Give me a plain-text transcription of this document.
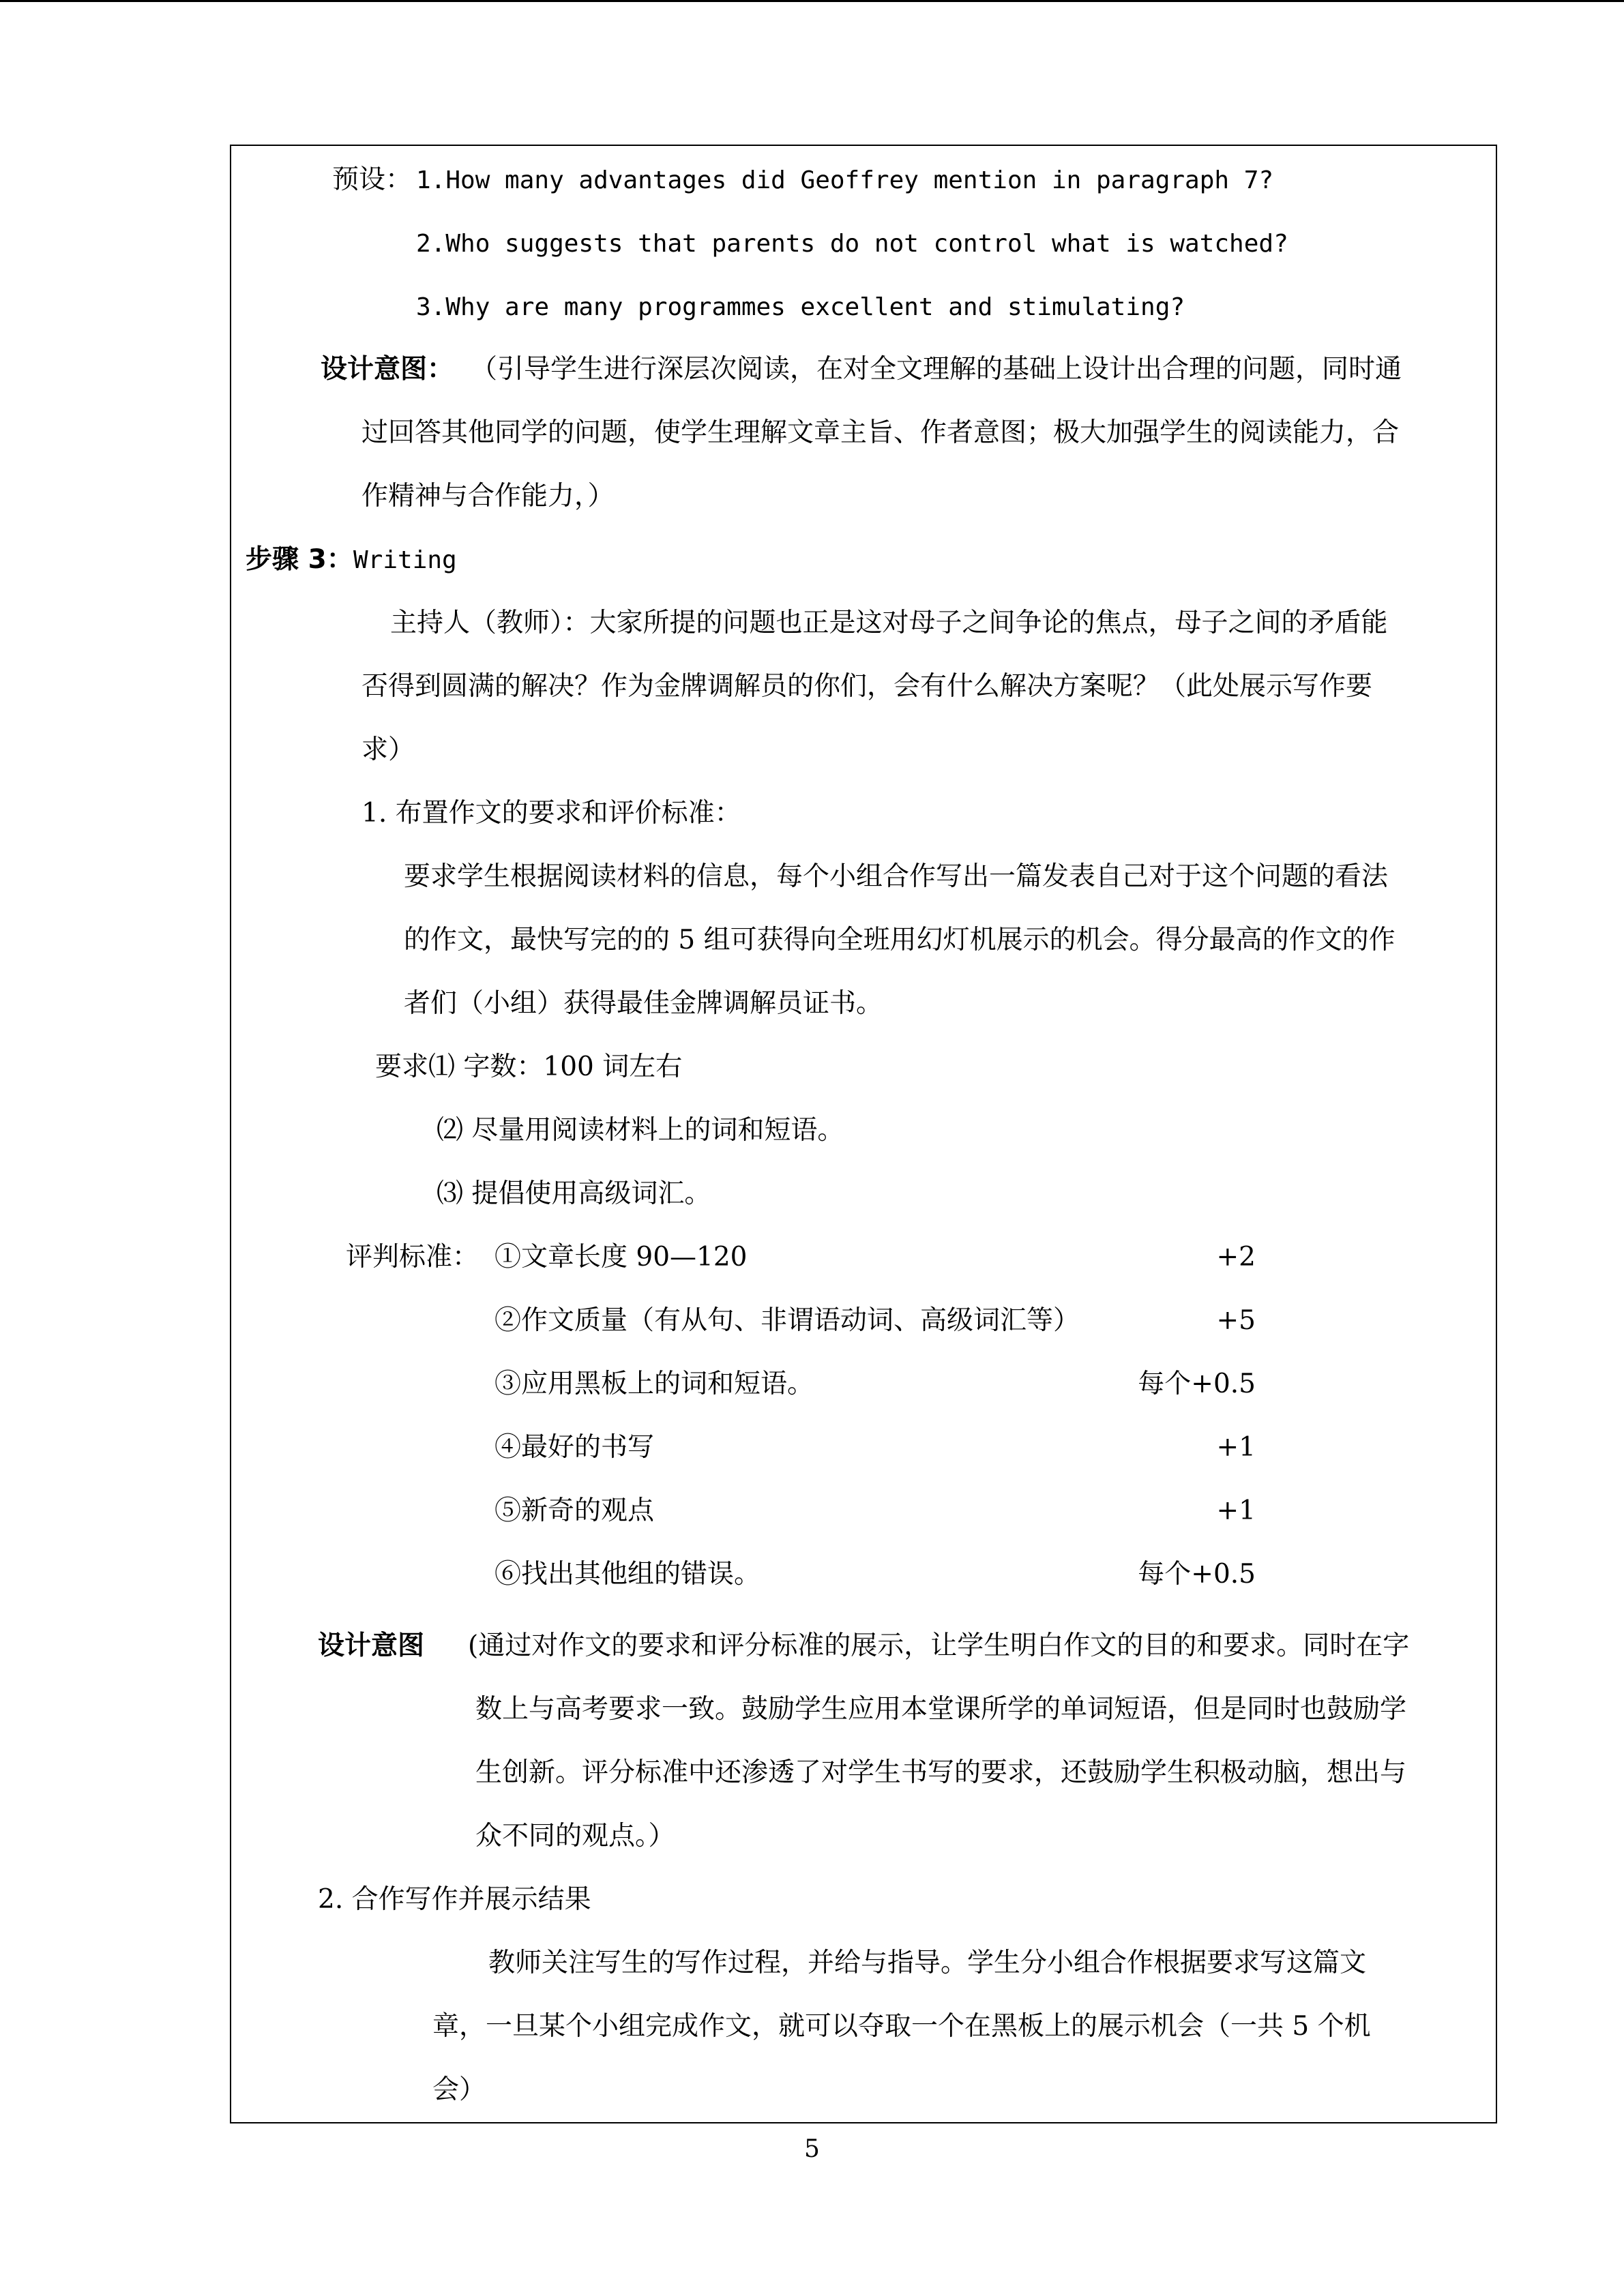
预设： 1.How many advantages did Geoffrey mention in paragraph 7?
2.Who suggests that parents do not control what is watched?
3.Why are many programmes excellent and stimulating?
设计意图： （引导学生进行深层次阅读，在对全文理解的基础上设计出合理的问题，同时通
过回答其他同学的问题，使学生理解文章主旨、作者意图；极大加强学生的阅读能力，合
作精神与合作能力，）
步骤 3： Writing
主持人（教师）：大家所提的问题也正是这对母子之间争论的焦点，母子之间的矛盾能
否得到圆满的解决？作为金牌调解员的你们，会有什么解决方案呢？（此处展示写作要
求）
1. 布置作文的要求和评价标准：
要求学生根据阅读材料的信息，每个小组合作写出一篇发表自己对于这个问题的看法
的作文，最快写完的的 5 组可获得向全班用幻灯机展示的机会。得分最高的作文的作
者们（小组）获得最佳金牌调解员证书。
要求⑴ 字数：100 词左右
⑵ 尽量用阅读材料上的词和短语。
⑶ 提倡使用高级词汇。
评判标准： ①文章长度 90—120	+2
②作文质量（有从句、非谓语动词、高级词汇等）	+5
③应用黑板上的词和短语。	每个+0.5
④最好的书写	+1
⑤新奇的观点	+1
⑥找出其他组的错误。	每个+0.5
设计意图 (通过对作文的要求和评分标准的展示，让学生明白作文的目的和要求。同时在字
数上与高考要求一致。鼓励学生应用本堂课所学的单词短语，但是同时也鼓励学
生创新。评分标准中还渗透了对学生书写的要求，还鼓励学生积极动脑，想出与
众不同的观点。）
2. 合作写作并展示结果
教师关注写生的写作过程，并给与指导。学生分小组合作根据要求写这篇文
章，一旦某个小组完成作文，就可以夺取一个在黑板上的展示机会（一共 5 个机
会）
5
